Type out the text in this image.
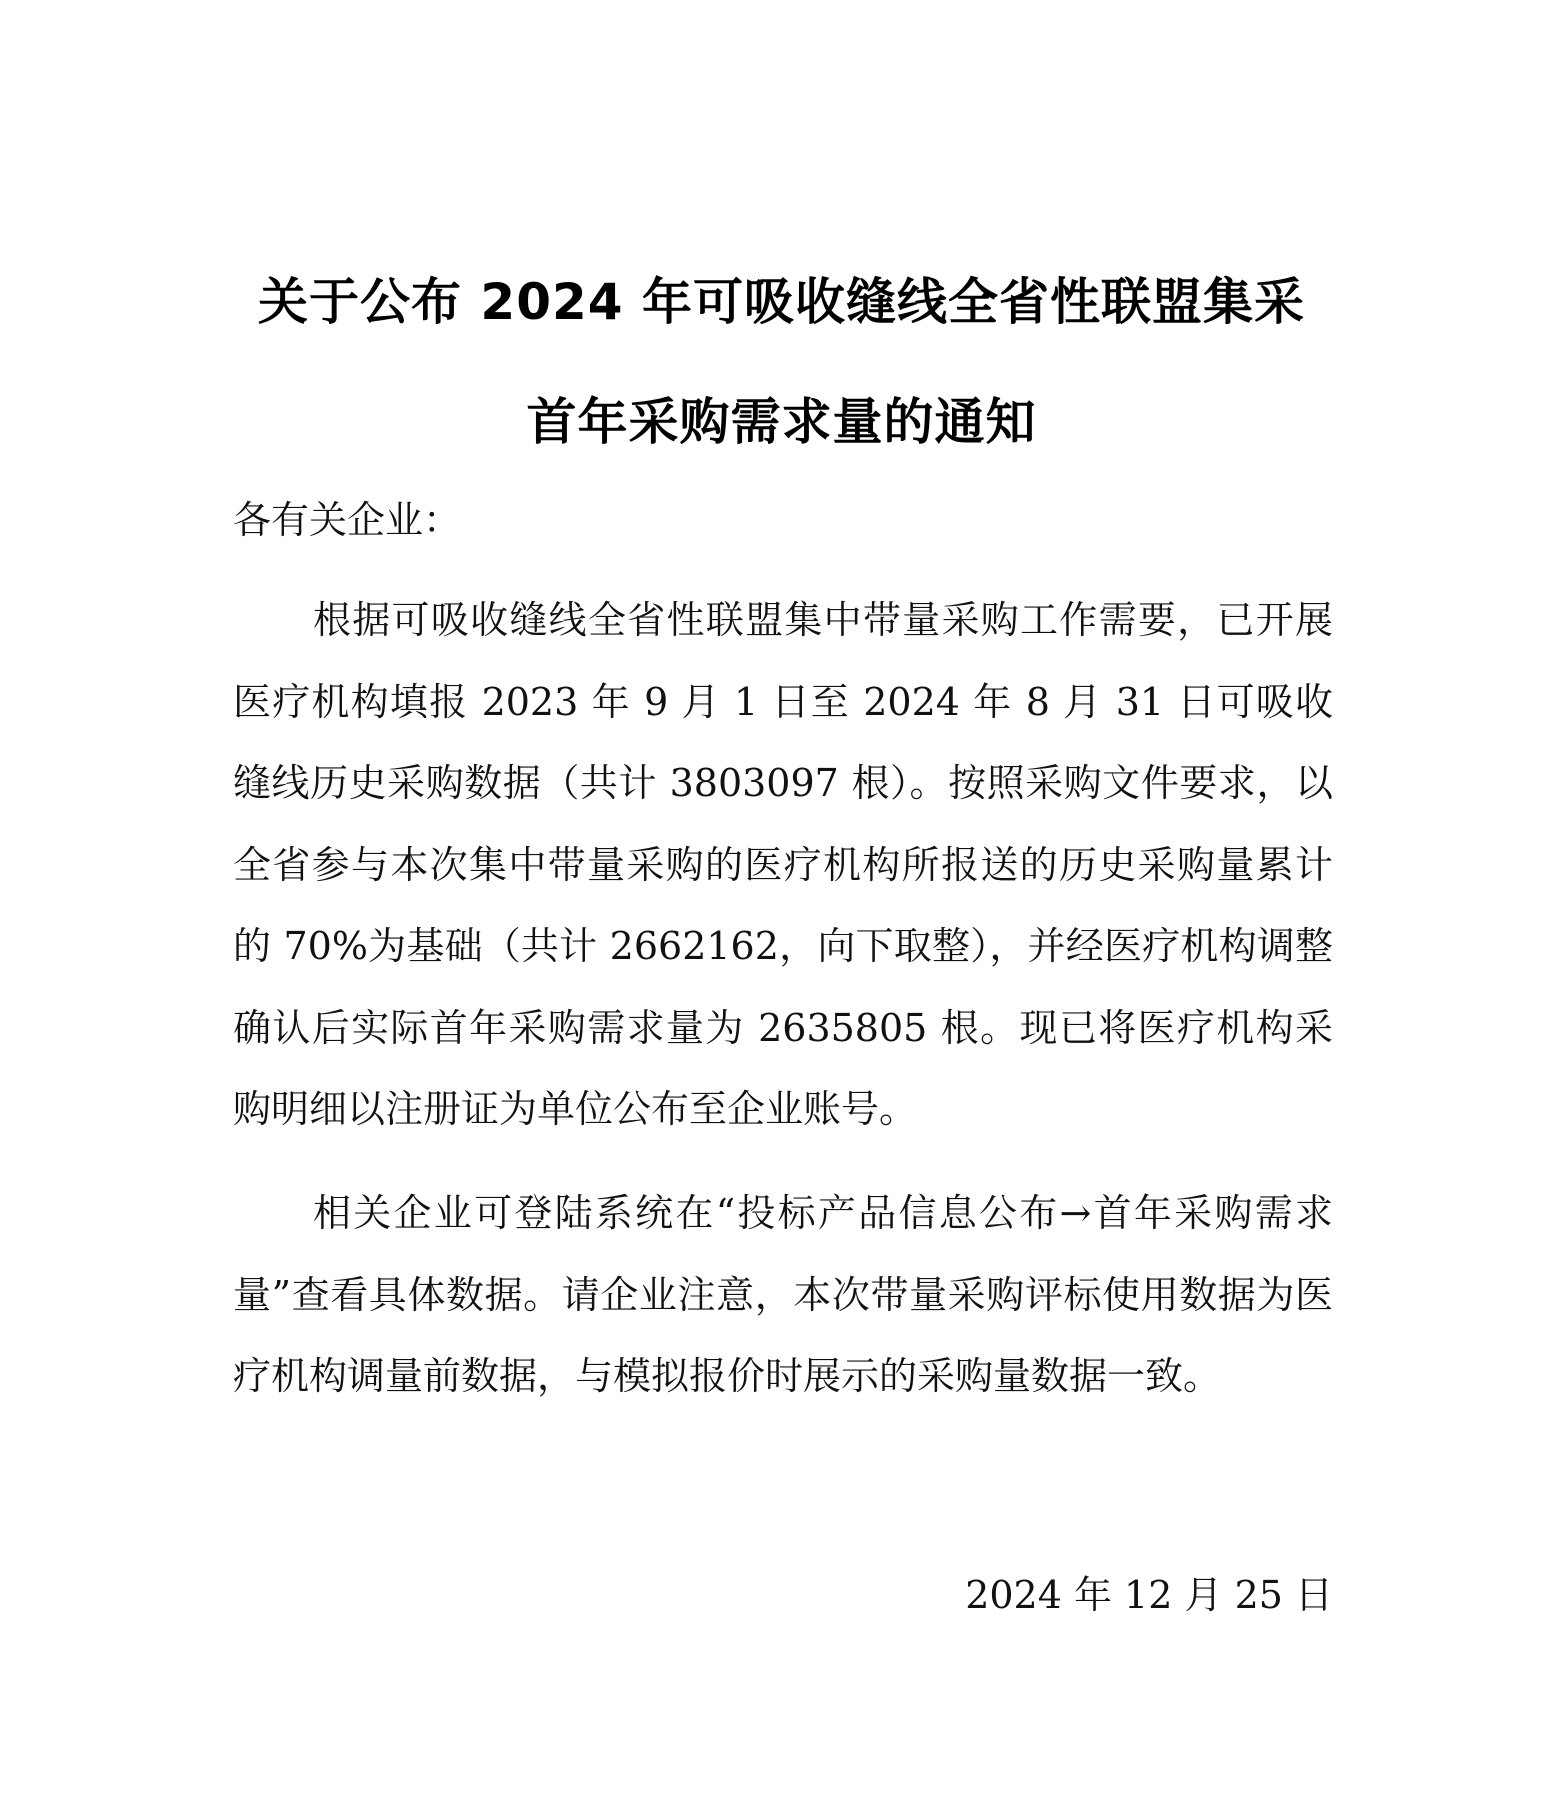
关于公布 2024 年可吸收缝线全省性联盟集采
首年采购需求量的通知
各有关企业：

根据可吸收缝线全省性联盟集中带量采购工作需要，已开展医疗机构填报 2023 年 9 月 1 日至 2024 年 8 月 31 日可吸收缝线历史采购数据（共计 3803097 根）。按照采购文件要求，以全省参与本次集中带量采购的医疗机构所报送的历史采购量累计的 70%为基础（共计 2662162，向下取整），并经医疗机构调整确认后实际首年采购需求量为 2635805 根。现已将医疗机构采购明细以注册证为单位公布至企业账号。

相关企业可登陆系统在“投标产品信息公布→首年采购需求量”查看具体数据。请企业注意，本次带量采购评标使用数据为医疗机构调量前数据，与模拟报价时展示的采购量数据一致。

2024 年 12 月 25 日
